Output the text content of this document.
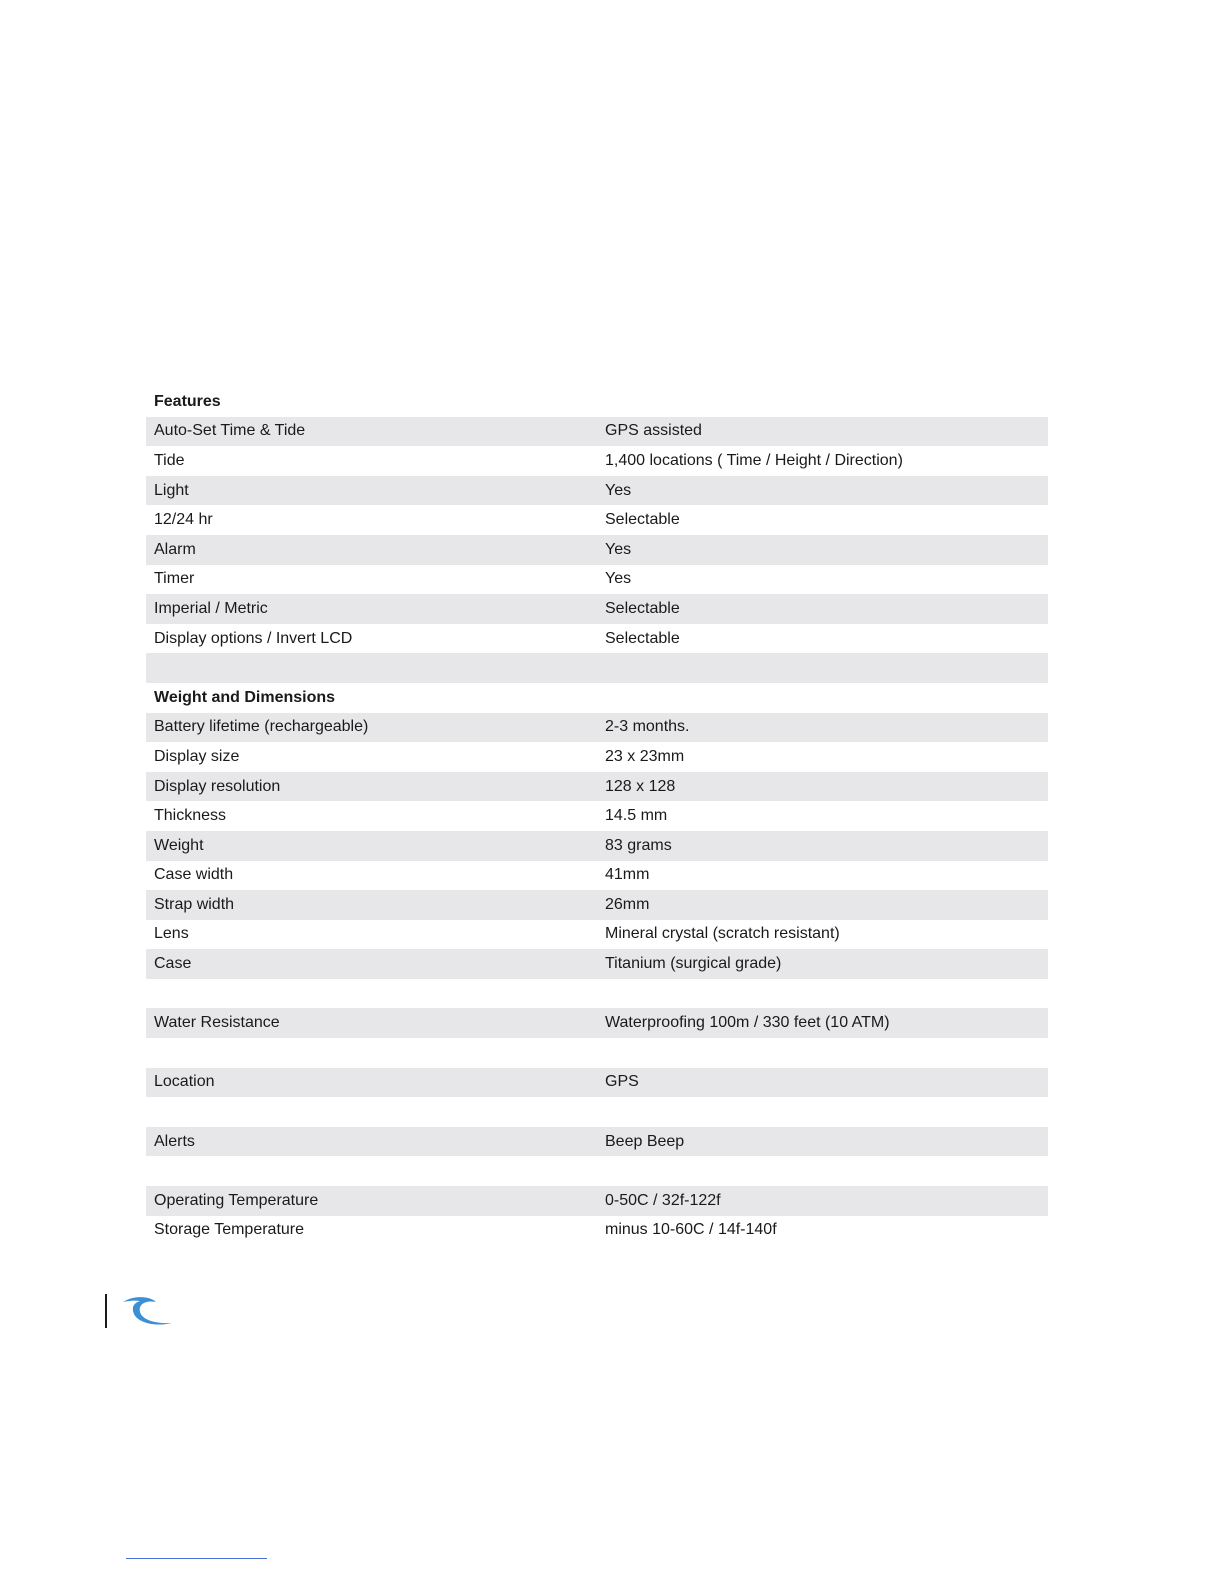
Features
Auto-Set Time & Tide	GPS assisted
Tide	1,400 locations ( Time / Height / Direction)
Light	Yes
12/24 hr	Selectable
Alarm	Yes
Timer	Yes
Imperial / Metric	Selectable
Display options / Invert LCD	Selectable
Weight and Dimensions
Battery lifetime (rechargeable)	2-3 months.
Display size	23 x 23mm
Display resolution	128 x 128
Thickness	14.5 mm
Weight	83 grams
Case width	41mm
Strap width	26mm
Lens	Mineral crystal (scratch resistant)
Case	Titanium (surgical grade)
Water Resistance	Waterproofing 100m / 330 feet (10 ATM)
Location	GPS
Alerts	Beep Beep
Operating Temperature	0-50C / 32f-122f
Storage Temperature	minus 10-60C / 14f-140f
